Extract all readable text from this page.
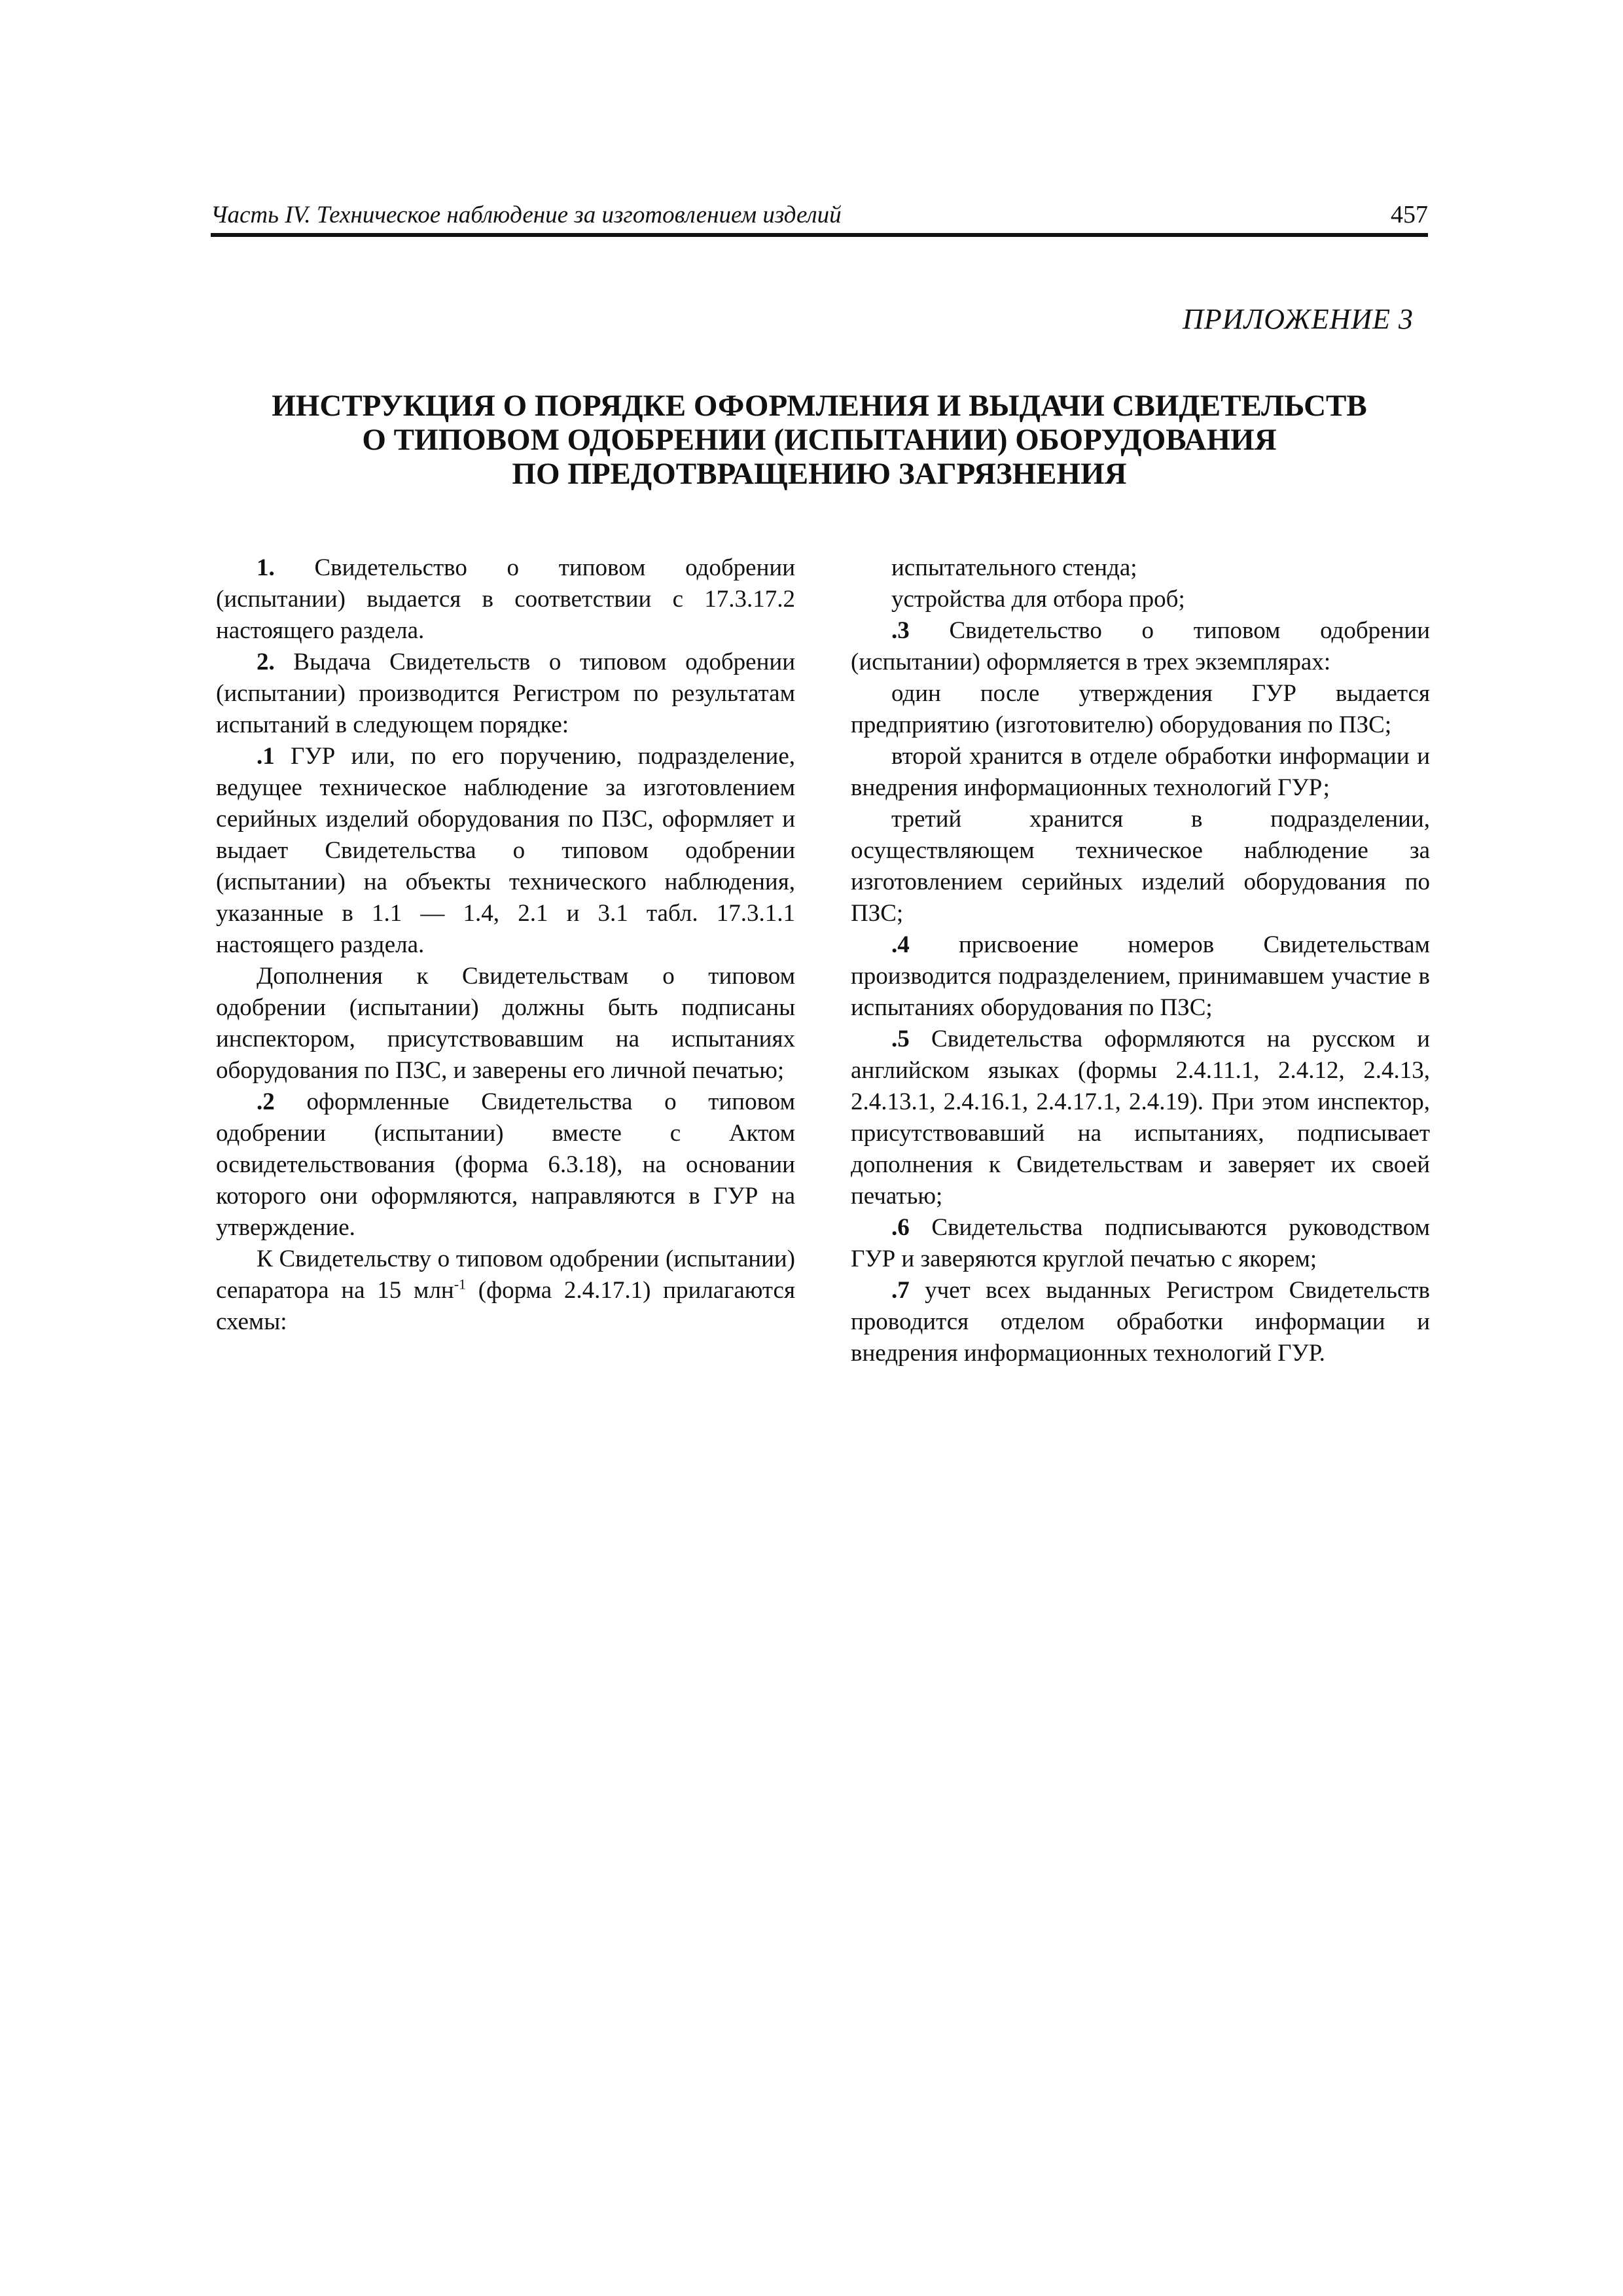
Часть IV. Техническое наблюдение за изготовлением изделий	457
ПРИЛОЖЕНИЕ 3
ИНСТРУКЦИЯ О ПОРЯДКЕ ОФОРМЛЕНИЯ И ВЫДАЧИ СВИДЕТЕЛЬСТВ
О ТИПОВОМ ОДОБРЕНИИ (ИСПЫТАНИИ) ОБОРУДОВАНИЯ
ПО ПРЕДОТВРАЩЕНИЮ ЗАГРЯЗНЕНИЯ

1. Свидетельство о типовом одобрении (испытании) выдается в соответствии с 17.3.17.2 настоящего раздела.

2. Выдача Свидетельств о типовом одобрении (испытании) производится Регистром по результатам испытаний в следующем порядке:

.1 ГУР или, по его поручению, подразделение, ведущее техническое наблюдение за изготовлением серийных изделий оборудования по ПЗС, оформляет и выдает Свидетельства о типовом одобрении (испытании) на объекты технического наблюдения, указанные в 1.1 — 1.4, 2.1 и 3.1 табл. 17.3.1.1 настоящего раздела.

Дополнения к Свидетельствам о типовом одобрении (испытании) должны быть подписаны инспектором, присутствовавшим на испытаниях оборудования по ПЗС, и заверены его личной печатью;

.2 оформленные Свидетельства о типовом одобрении (испытании) вместе с Актом освидетельствования (форма 6.3.18), на основании которого они оформляются, направляются в ГУР на утверждение.

К Свидетельству о типовом одобрении (испытании) сепаратора на 15 млн$^{-1}$ (форма 2.4.17.1) прилагаются схемы:

испытательного стенда;

устройства для отбора проб;

.3 Свидетельство о типовом одобрении (испытании) оформляется в трех экземплярах:

один после утверждения ГУР выдается предприятию (изготовителю) оборудования по ПЗС;

второй хранится в отделе обработки информации и внедрения информационных технологий ГУР;

третий хранится в подразделении, осуществляющем техническое наблюдение за изготовлением серийных изделий оборудования по ПЗС;

.4 присвоение номеров Свидетельствам производится подразделением, принимавшем участие в испытаниях оборудования по ПЗС;

.5 Свидетельства оформляются на русском и английском языках (формы 2.4.11.1, 2.4.12, 2.4.13, 2.4.13.1, 2.4.16.1, 2.4.17.1, 2.4.19). При этом инспектор, присутствовавший на испытаниях, подписывает дополнения к Свидетельствам и заверяет их своей печатью;

.6 Свидетельства подписываются руководством ГУР и заверяются круглой печатью с якорем;

.7 учет всех выданных Регистром Свидетельств проводится отделом обработки информации и внедрения информационных технологий ГУР.
